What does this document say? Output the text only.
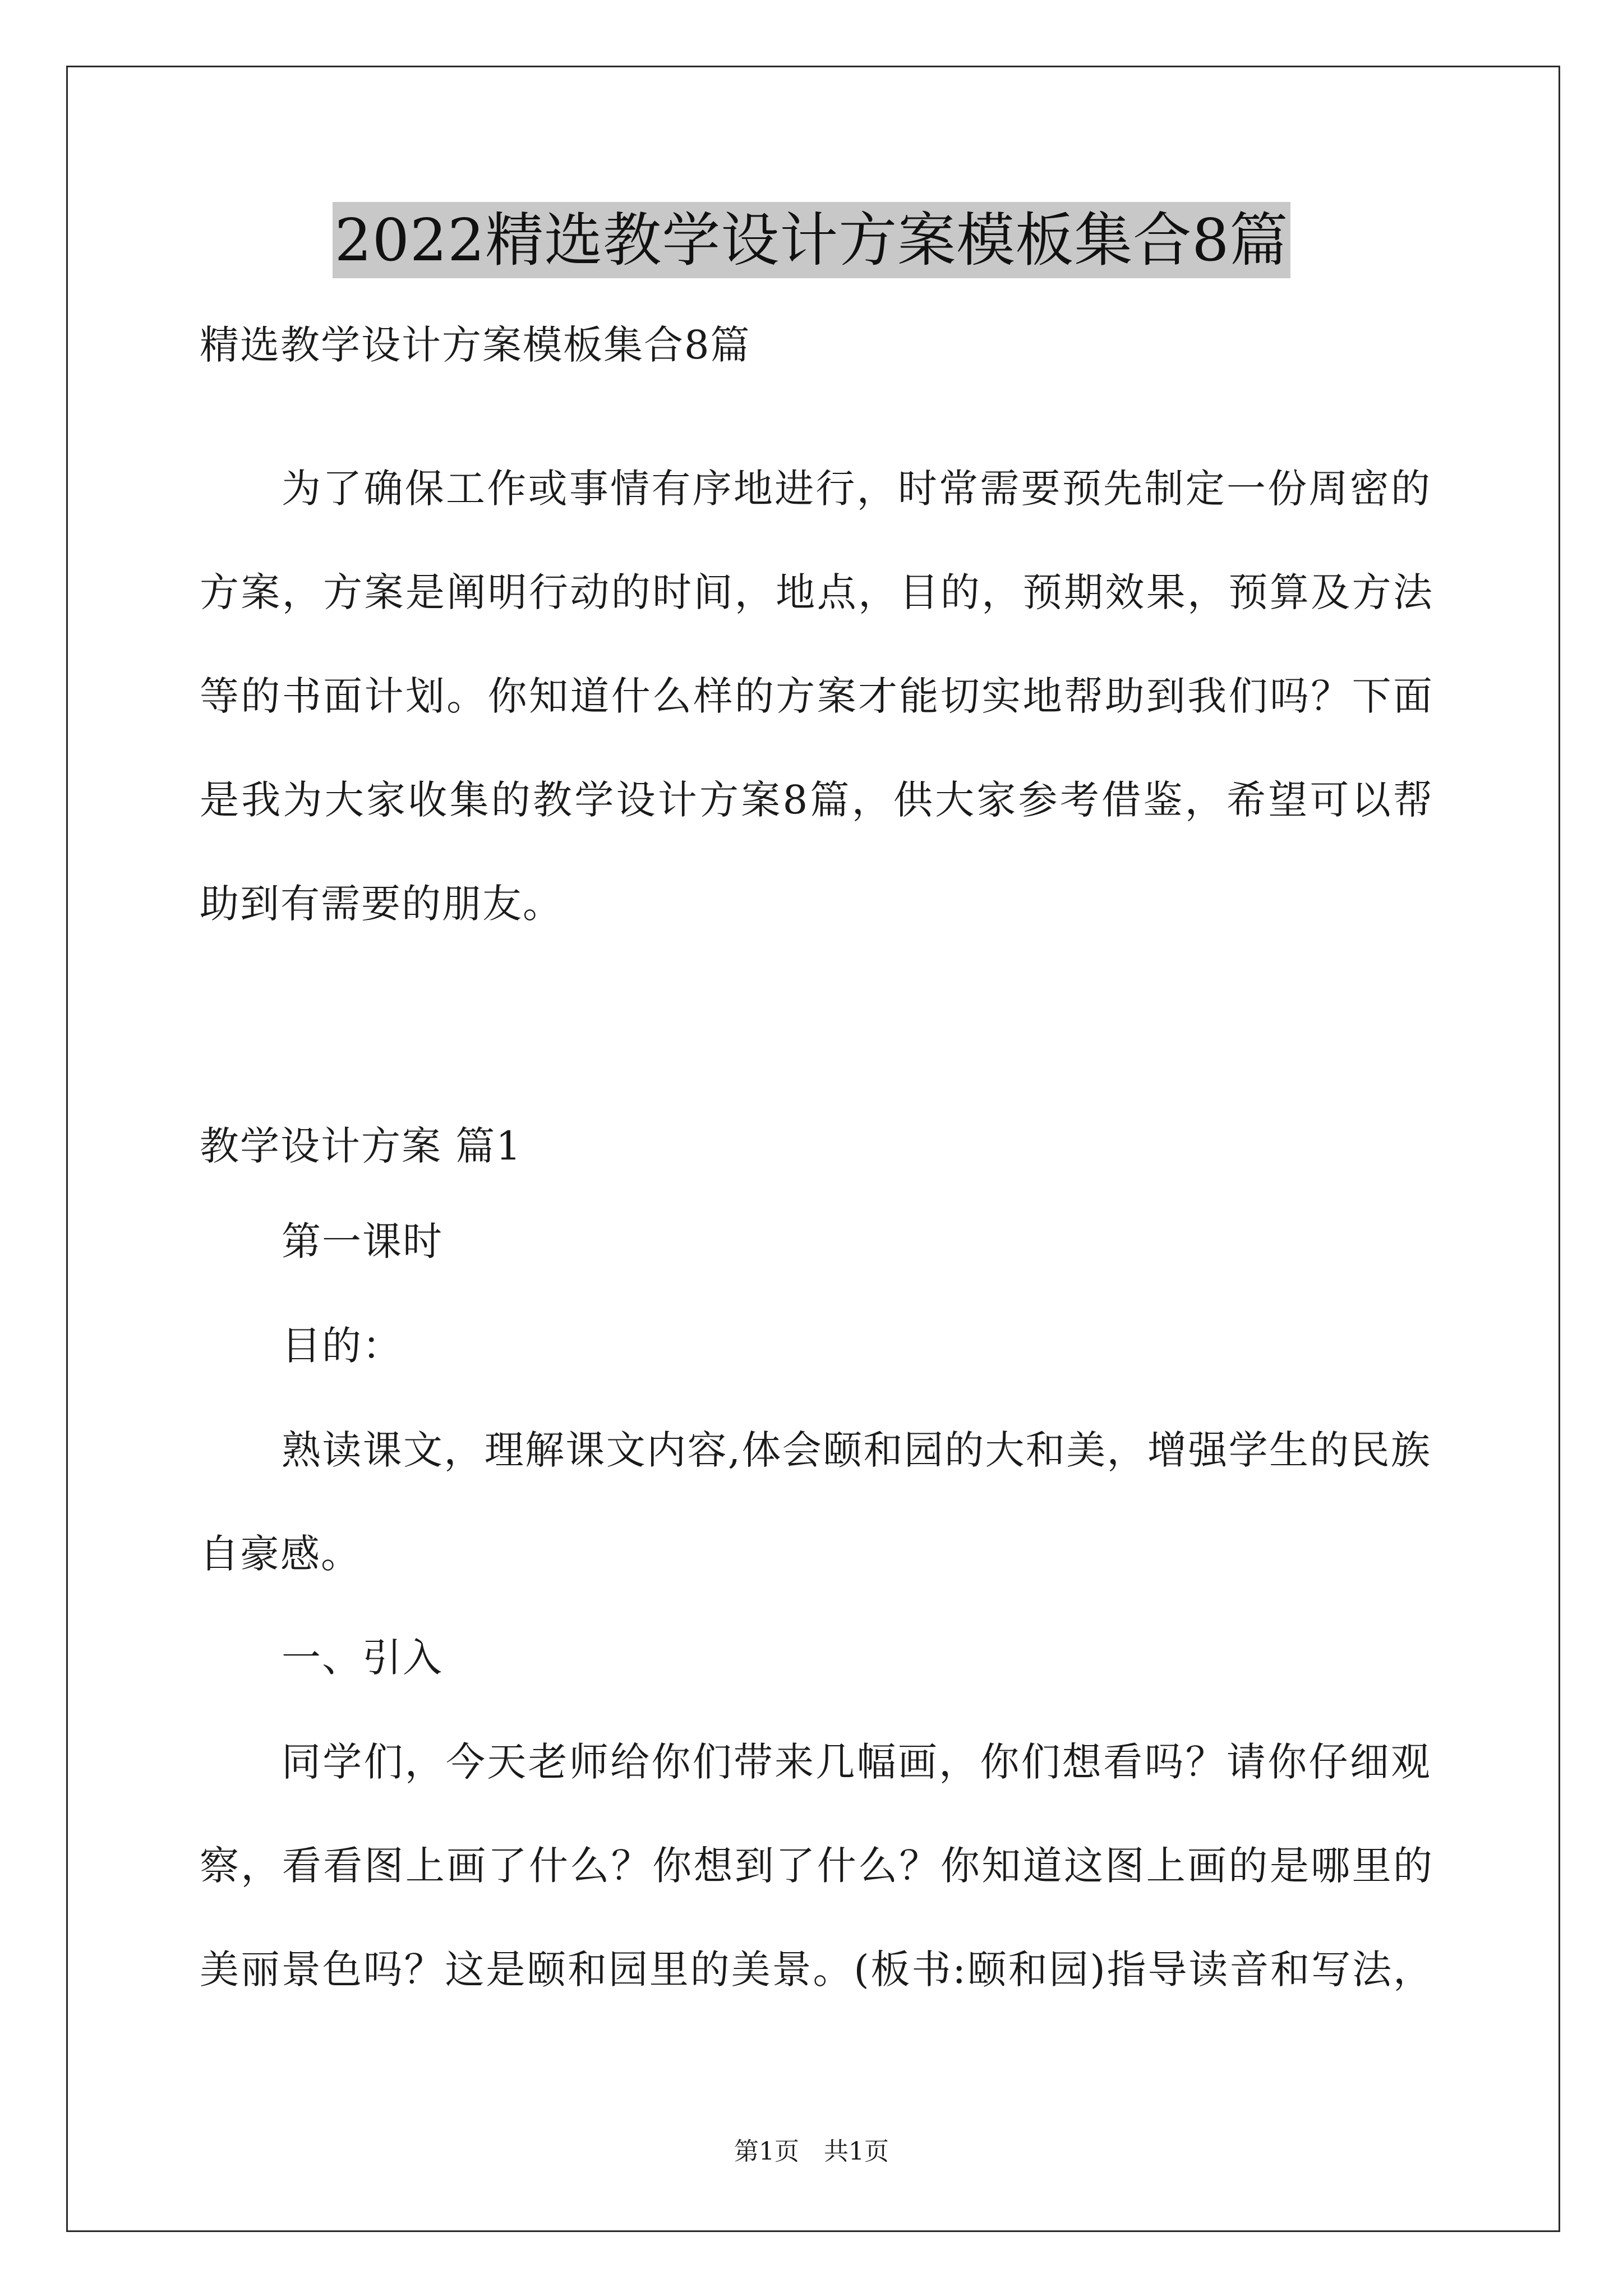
2022精选教学设计方案模板集合8篇
精选教学设计方案模板集合8篇
为了确保工作或事情有序地进行，时常需要预先制定一份周密的
方案，方案是阐明行动的时间，地点，目的，预期效果，预算及方法
等的书面计划。你知道什么样的方案才能切实地帮助到我们吗？下面
是我为大家收集的教学设计方案8篇，供大家参考借鉴，希望可以帮
助到有需要的朋友。
教学设计方案 篇1
第一课时
目的：
熟读课文，理解课文内容,体会颐和园的大和美，增强学生的民族
自豪感。
一、引入
同学们，今天老师给你们带来几幅画，你们想看吗？请你仔细观
察，看看图上画了什么？你想到了什么？你知道这图上画的是哪里的
美丽景色吗？这是颐和园里的美景。(板书:颐和园)指导读音和写法，
第1页　共1页
